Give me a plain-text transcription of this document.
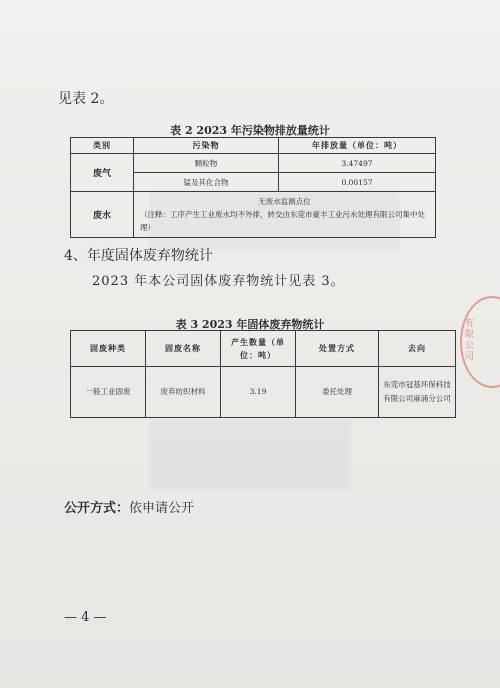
见表 2。
表 2 2023 年污染物排放量统计
类别	污染物	年排放量（单位：吨）
废气	颗粒物	3.47497
	锰及其化合物	0.00157
废水	无废水监测点位
（注释：工序产生工业废水均不外排，转交由东莞市豪丰工业污水处理有限公司集中处理）	
4、年度固体废弃物统计
2023 年本公司固体废弃物统计见表 3。
表 3 2023 年固体废弃物统计
固废种类	固废名称	产生数量（单位：吨）	处置方式	去向
一般工业固废	废弃纺织材料	3.19	委托处理	东莞市冠基环保科技有限公司麻涌分公司
有限公司
公开方式：依申请公开
— 4 —
